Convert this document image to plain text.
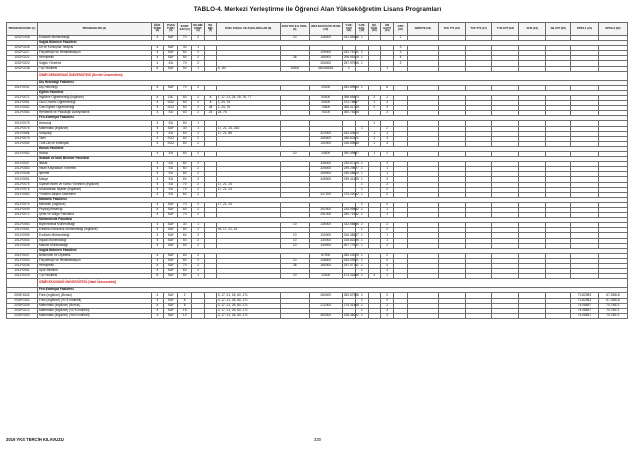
TABLO-4. Merkezi Yerleştirme ile Öğrenci Alan Yükseköğretim Lisans Programları
PROGRAM KODU (1)	PROGRAM ADI (2)	ÖĞR. SÜRE (3)	PUAN TÜRÜ (4)	KONT. SAYI (5)	OK.BİR. KONT. (6)	OK. BİR. (7)	ÖZEL KOŞUL VE AÇIKLAMALAR (8)	2018 YKS ILK YERL. (9)	2018 EN KÜÇÜK PUAN (10)	Y.OK. SAYI (11)	Y.OK. BAŞ. (12)	DİL ÖĞR. (13)	ÖN KAYIT (14)	GRV (15)	ARRSTE (16)	TUS TT1 (16)	TUS TT2 (17)	TUS KTP (18)	DUS (19)	AB AYP (20)	KPSS-1 (21)	KPSS-2 (22)
1032*0108	Endüstri Mühendisliği	4	SAY	70	2			10	136000	331.54388	1			2								
	Sağlık Bilimleri Fakültesi																					
1032*0226	Dil ve Konuşma Terapisi	4	SAY	40	1									3								
1032*0227	Fizyoterapi ve Rehabilitasyon	4	SAY	60	2				109000	333.76741	1			3								
1032*0221	Hemşirelik	4	SAY	60	2			38	185000	296.65228	1			4								
1032*0222	Sağlık Yönetimi	4	EA	70	2				260000	257.97966	1			3								
1032*0238	Tıp Fakültesi	6	SAY	50	1		5, 167	10500	483.68518	1			1									
	İZMİR DEMOKRASİ ÜNİVERSİTESİ (Devlet Üniversitesi)																					
	Diş Hekimliği Fakültesi																					
1011*0031	Diş Hekimliği	5	SAY	70	2				22400	453.89964	1		6									
	Eğitim Fakültesi																					
1011*0071	İngilizce Öğretmenliği (İngilizce)	4	DİL	60	2	8	1, 17, 21, 24, 26, 76, 77		53400	396.65573		2	2									
1011*0051	Okul Öncesi Öğretmenliği	4	SÖZ	60	2	8	1, 24, 76		25300	374.76687		1	3									
1011*0082	Özel Eğitim Öğretmenliği	4	SÖZ	60	2	28	1, 24, 76		74800	366.41766		2	2									
1011*0083	Rehberlik ve Psikolojik Danışmanlık	4	EA	60	2	24	24, 76		75200	350.75268			3									
	Fen-Edebiyat Fakültesi																					
1011*0075	Arkeoloji	4	EA	50	1							1										
1011*0076	Matematik (İngilizce)	4	SAY	40	1		17, 21, 24, 24D				1		2									
1011*0086	Sosyoloji	4	EA	60	2		17, 21, 86		423000	253.43670		1	1									
1011*0076	Tarih	4	SÖZ	60	2				265000	286.62421		1	3									
1011*0054	Türk Dili ve Edebiyatı	4	SÖZ	60	2				140300	318.69585		1	3									
	Hukuk Fakültesi																					
1011*0062	Hukuk	4	EA	60	2			10	24800	390.49857		1	2									
	İktisadi ve İdari Bilimler Fakültesi																					
1011*0047	İktisat	4	EA	80	2				345000	239.67175	1		2									
1011*0063	İnsan Kaynakları Yönetimi	4	EA	60	2				326000	249.29877	1		1									
1011*0048	İşletme	4	EA	80	2				269000	245.08824	1		1									
1011*0051	Maliye	4	EA	60	2				345000	239.41429	1		2									
1011*0075	Siyaset Bilimi ve Kamu Yönetimi (İngilizce)	4	EA	70	2		17, 21, 24				1		2									
1011*0076	Uluslararası İlişkiler (İngilizce)	4	EA	70	2		17, 21, 24				1		2									
1011*0063	Yönetim Bilişim Sistemleri	4	EA	60	2				317200	270.22042	1		2									
	Mimarlık Fakültesi																					
1011*0074	Mimarlık (İngilizce)	4	SAY	70	2		17, 21, 24				1		2									
1011*0049	Peyzaj Mimarlığı	4	SAY	60	2				302000	234.99882	1		1									
1011*0072	Şehir ve Bölge Planlama	4	SAY	70	2				291000	250.71952	1		1									
	Mühendislik Fakültesi																					
1011*0063	Biyomedikal Mühendisliği	4	SAY	30	1			10	135000	313.98885	2		2									
1011*0081	Elektrik-Elektronik Mühendisliği (İngilizce)	4	SAY	80	2		16, 17, 21, 24				1		2									
1011*0059	Endüstri Mühendisliği	4	SAY	60	2			10	100000	316.38327	1		1									
1011*0053	İnşaat Mühendisliği	4	SAY	60	2			10	130000	316.62255	1		1									
1011*0049	Makine Mühendisliği	4	SAY	50	2			10	144000	307.77921	1		2									
	Sağlık Bilimleri Fakültesi																					
1011*0047	Beslenme ve Diyetetik	4	SAY	60	2				87900	354.22075	1		2									
1011*0053	Fizyoterapi ve Rehabilitasyon	4	SAY	60	2			10	108000	334.09321	1		2									
1011*0036	Hemşirelik	4	SAY	70	2			38	180000	297.07761	1		4									
1011*0051	Spor Bilimleri	4	SAY	60	2						1		2									
1011*0219	Tıp Fakültesi	6	SAY	50	1			10	12400	473.31886	1	3	1									
	İZMİR EKONOMİ ÜNİVERSİTESİ (Vakıf Üniversitesi)																					
	Fen-Edebiyat Fakültesi																					
2035*1532	Fizik (İngilizce) (Burslu)	4	SAY	2			3, 17, 21, 26, 60, 171		284000	263.57958	1		2								73.82983	67.25818
2035*0152	Fizik (İngilizce) (%75 İndirimli)	4	SAY	8			3, 17, 21, 26, 60, 171				1		2								73.82983	67.25818
2035*0205	Matematik (İngilizce) (Burslu)	4	SAY	6			3, 17, 21, 26, 60, 171		212000	274.31468	1		2								74.08557	70.75571
2035*0212	Matematik (İngilizce) (%75 İndirimli)	4	SAY	16			3, 17, 21, 26, 60, 171				1		3								74.08557	70.75571
2035*0260	Matematik (İngilizce) (%50 İndirimli)	4	SAY	10			3, 17, 21, 26, 60, 171		363000	228.36092	1		3								74.08557	70.75571
2019 YKS TERCİH KILAVUZU	330
